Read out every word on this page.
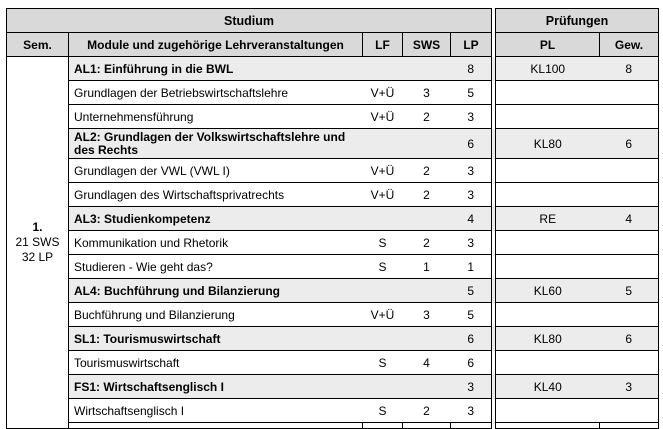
Studium						Prüfungen	
Sem.	Module und zugehörige Lehrveranstaltungen	LF	SWS	LP		PL	Gew.

1.
21 SWS
32 LP	AL1: Einführung in die BWL			8		KL100	8
	Grundlagen der Betriebswirtschaftslehre	V+Ü	3	5			
	Unternehmensführung	V+Ü	2	3			
	AL2: Grundlagen der Volkswirtschaftslehre und des Rechts			6		KL80	6
	Grundlagen der VWL (VWL I)	V+Ü	2	3			
	Grundlagen des Wirtschaftsprivatrechts	V+Ü	2	3			
	AL3: Studienkompetenz			4		RE	4
	Kommunikation und Rhetorik	S	2	3			
	Studieren - Wie geht das?	S	1	1			
	AL4: Buchführung und Bilanzierung			5		KL60	5
	Buchführung und Bilanzierung	V+Ü	3	5			
	SL1: Tourismuswirtschaft			6		KL80	6
	Tourismuswirtschaft	S	4	6			
	FS1: Wirtschaftsenglisch I			3		KL40	3
	Wirtschaftsenglisch I	S	2	3			
